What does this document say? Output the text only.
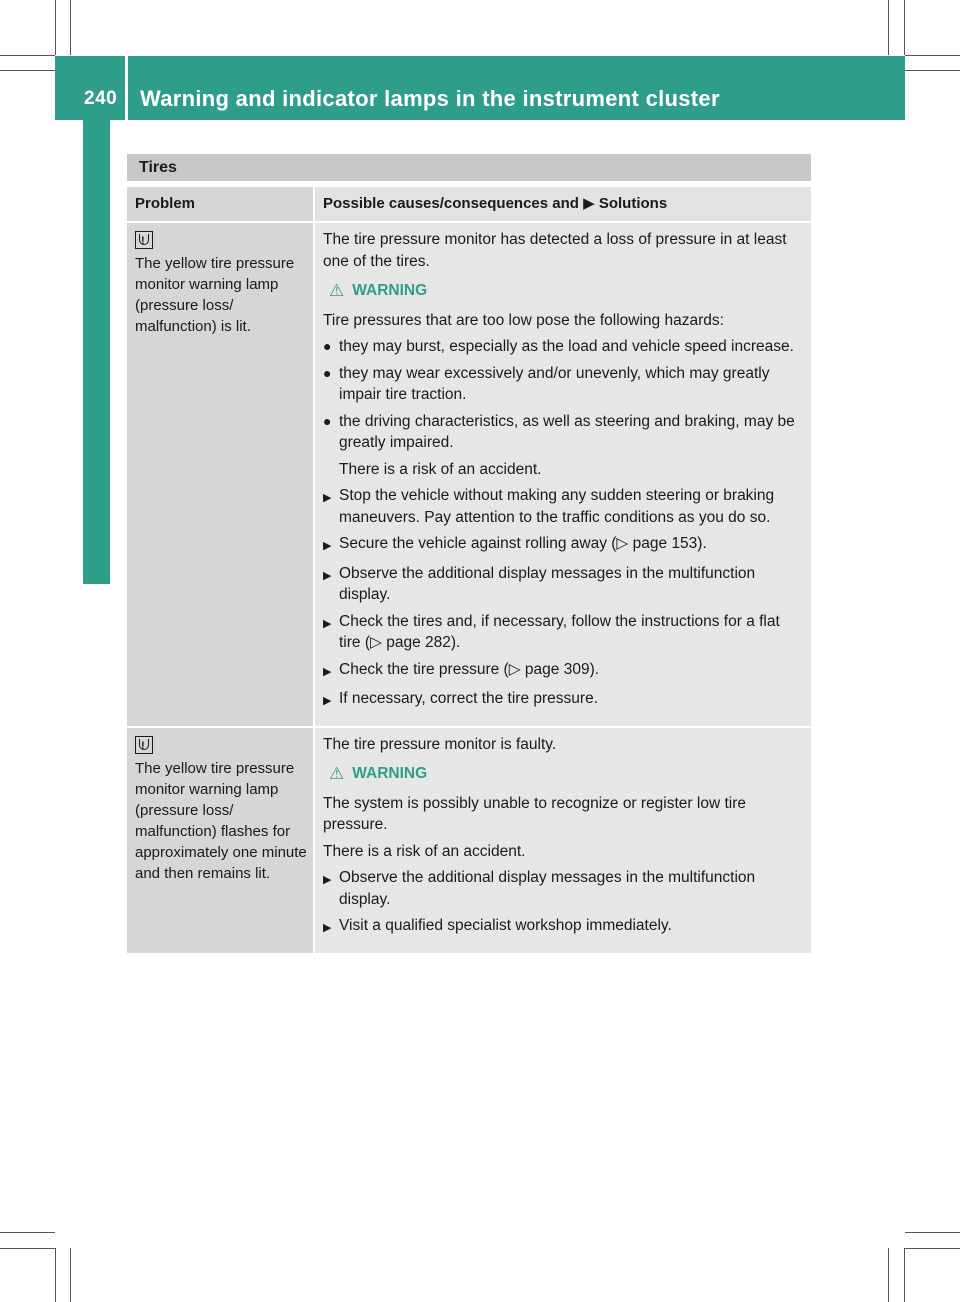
240 Warning and indicator lamps in the instrument cluster
On-board computer and displays
Tires
Problem	Possible causes/consequences and ▶ Solutions
!
The yellow tire pressure monitor warning lamp (pressure loss/ malfunction) is lit.

The tire pressure monitor has detected a loss of pressure in at least one of the tires.

⚠ WARNING

Tire pressures that are too low pose the following hazards:

● they may burst, especially as the load and vehicle speed increase.
● they may wear excessively and/or unevenly, which may greatly impair tire traction.
● the driving characteristics, as well as steering and braking, may be greatly impaired.
There is a risk of an accident.
▶ Stop the vehicle without making any sudden steering or braking maneuvers. Pay attention to the traffic conditions as you do so.
▶ Secure the vehicle against rolling away (▷ page 153).
▶ Observe the additional display messages in the multifunction display.
▶ Check the tires and, if necessary, follow the instructions for a flat tire (▷ page 282).
▶ Check the tire pressure (▷ page 309).
▶ If necessary, correct the tire pressure.
!
The yellow tire pressure monitor warning lamp (pressure loss/ malfunction) flashes for approximately one minute and then remains lit.

The tire pressure monitor is faulty.

⚠ WARNING

The system is possibly unable to recognize or register low tire pressure.

There is a risk of an accident.

▶ Observe the additional display messages in the multifunction display.
▶ Visit a qualified specialist workshop immediately.
